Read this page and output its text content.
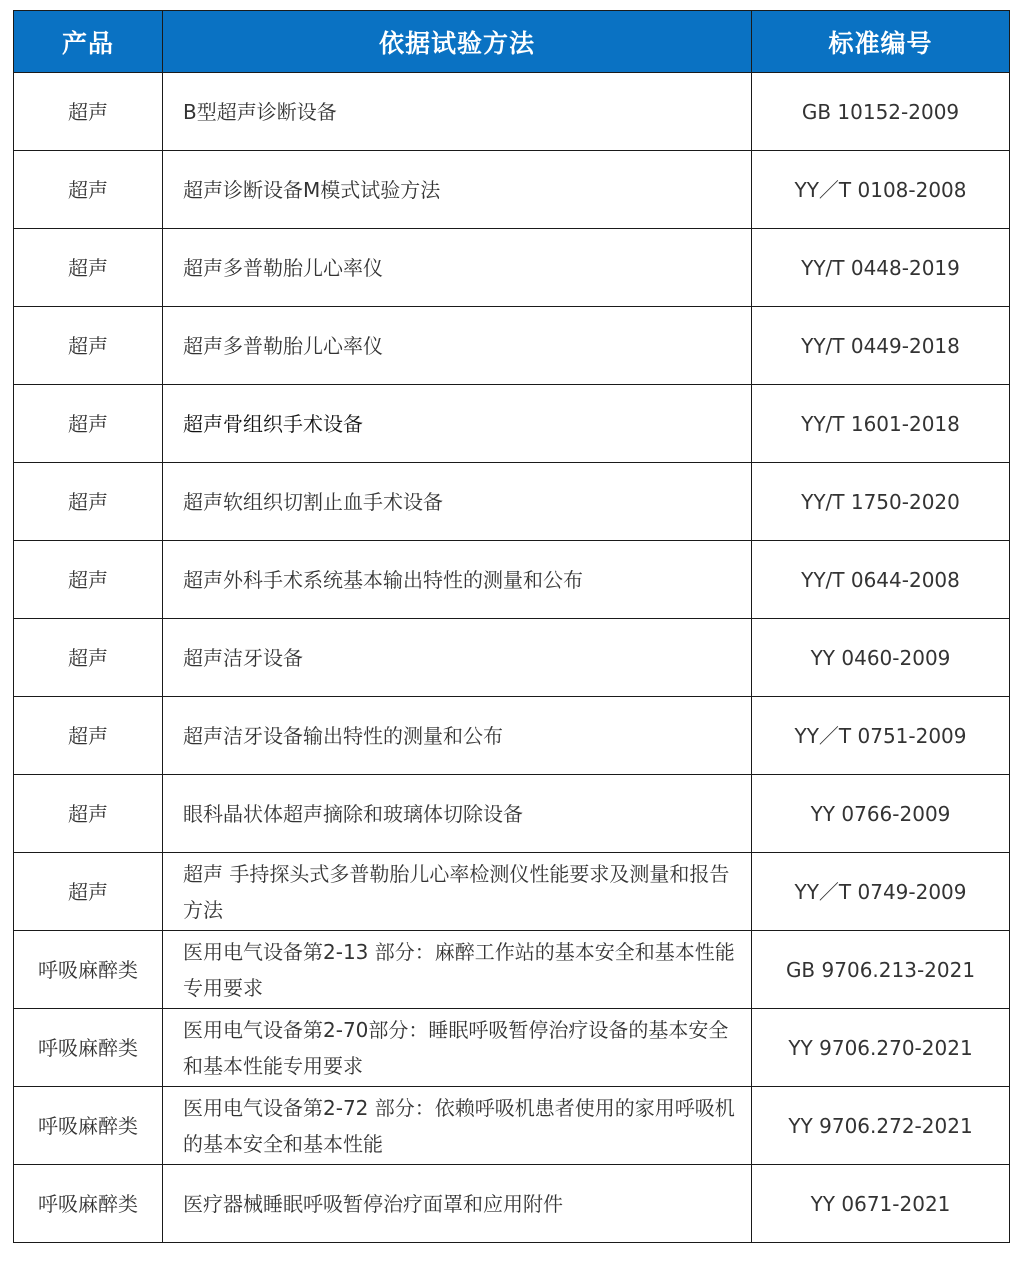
产品	依据试验方法	标准编号
超声	B型超声诊断设备	GB 10152-2009
超声	超声诊断设备M模式试验方法	YY／T 0108-2008
超声	超声多普勒胎儿心率仪	YY/T 0448-2019
超声	超声多普勒胎儿心率仪	YY/T 0449-2018
超声	超声骨组织手术设备	YY/T 1601-2018
超声	超声软组织切割止血手术设备	YY/T 1750-2020
超声	超声外科手术系统基本输出特性的测量和公布	YY/T 0644-2008
超声	超声洁牙设备	YY 0460-2009
超声	超声洁牙设备输出特性的测量和公布	YY／T 0751-2009
超声	眼科晶状体超声摘除和玻璃体切除设备	YY 0766-2009
超声	超声 手持探头式多普勒胎儿心率检测仪性能要求及测量和报告方法	YY／T 0749-2009
呼吸麻醉类	医用电气设备第2-13 部分：麻醉工作站的基本安全和基本性能专用要求	GB 9706.213-2021
呼吸麻醉类	医用电气设备第2-70部分：睡眠呼吸暂停治疗设备的基本安全和基本性能专用要求	YY 9706.270-2021
呼吸麻醉类	医用电气设备第2-72 部分：依赖呼吸机患者使用的家用呼吸机的基本安全和基本性能	YY 9706.272-2021
呼吸麻醉类	医疗器械睡眠呼吸暂停治疗面罩和应用附件	YY 0671-2021
